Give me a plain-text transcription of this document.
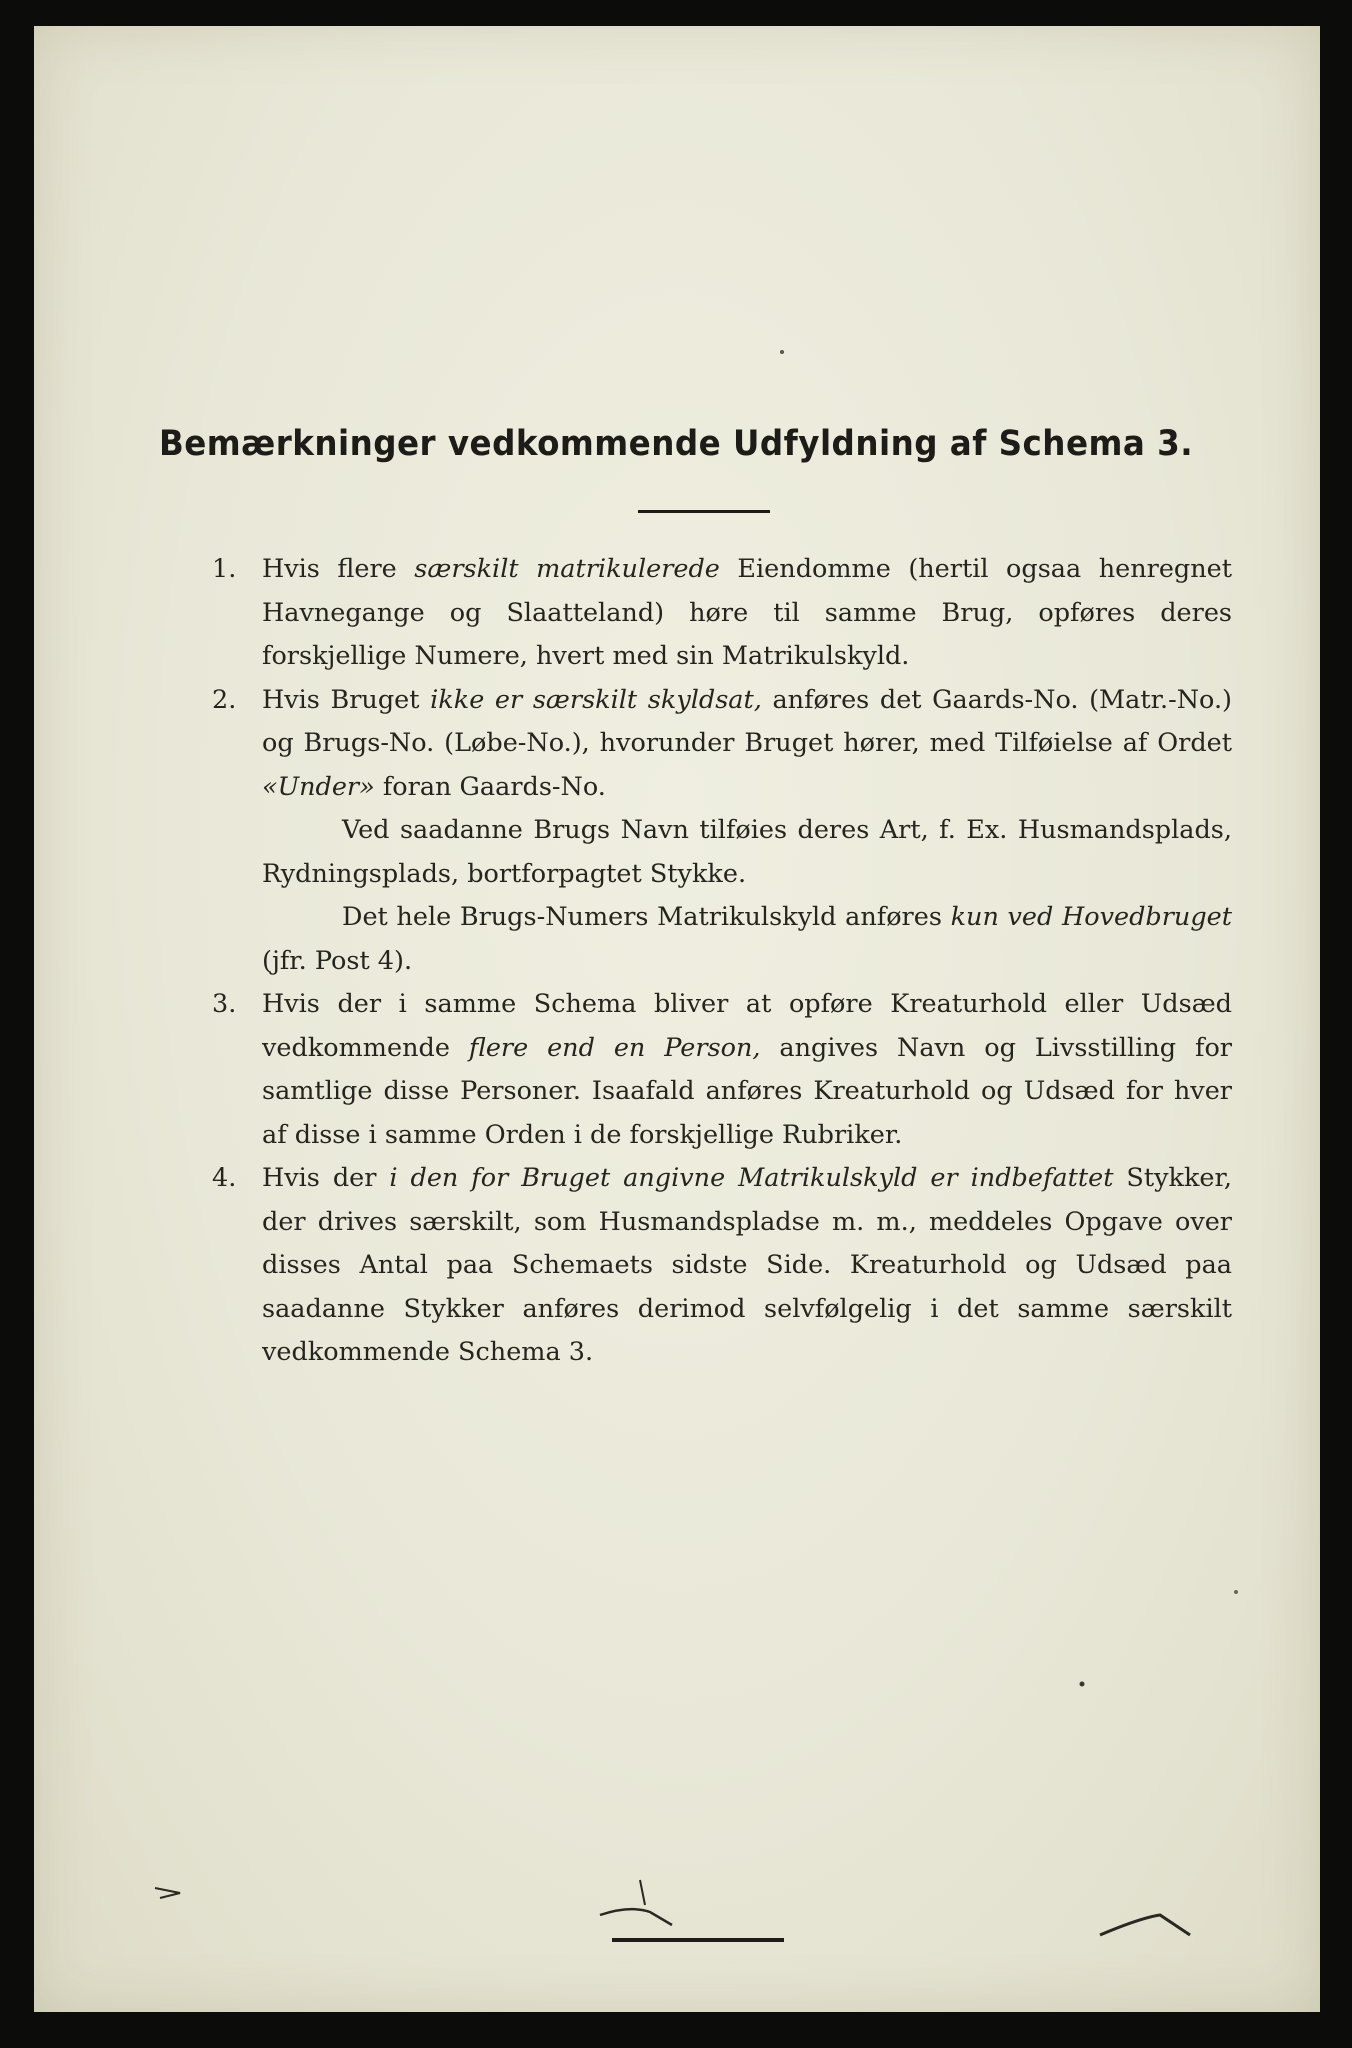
Bemærkninger vedkommende Udfyldning af Schema 3.

1. Hvis flere særskilt matrikulerede Eiendomme (hertil ogsaa henregnet Havnegange og Slaatteland) høre til samme Brug, opføres deres forskjellige Numere, hvert med sin Matrikulskyld.

2. Hvis Bruget ikke er særskilt skyldsat, anføres det Gaards-No. (Matr.-No.) og Brugs-No. (Løbe-No.), hvorunder Bruget hører, med Tilføielse af Ordet «Under» foran Gaards-No.

Ved saadanne Brugs Navn tilføies deres Art, f. Ex. Husmandsplads, Rydningsplads, bortforpagtet Stykke.

Det hele Brugs-Numers Matrikulskyld anføres kun ved Hovedbruget (jfr. Post 4).

3. Hvis der i samme Schema bliver at opføre Kreaturhold eller Udsæd vedkommende flere end en Person, angives Navn og Livsstilling for samtlige disse Personer. Isaafald anføres Kreaturhold og Udsæd for hver af disse i samme Orden i de forskjellige Rubriker.

4. Hvis der i den for Bruget angivne Matrikulskyld er indbefattet Stykker, der drives særskilt, som Husmandspladse m. m., meddeles Opgave over disses Antal paa Schemaets sidste Side. Kreaturhold og Udsæd paa saadanne Stykker anføres derimod selvfølgelig i det samme særskilt vedkommende Schema 3.
